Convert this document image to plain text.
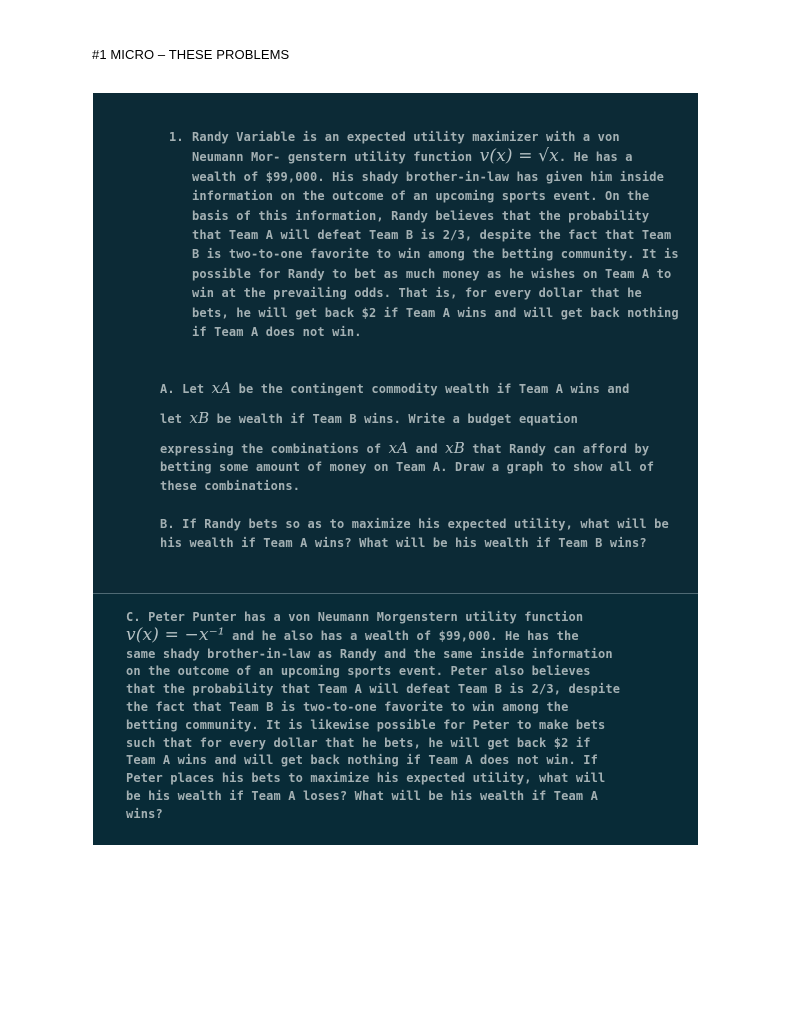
#1 MICRO – THESE PROBLEMS
1. Randy Variable is an expected utility maximizer with a von
Neumann Mor- genstern utility function v(x) = √x. He has a
wealth of $99,000. His shady brother-in-law has given him inside information on the outcome of an upcoming sports event. On the basis of this information, Randy believes that the probability that Team A will defeat Team B is 2/3, despite the fact that Team B is two-to-one favorite to win among the betting community. It is possible for Randy to bet as much money as he wishes on Team A to win at the prevailing odds. That is, for every dollar that he bets, he will get back $2 if Team A wins and will get back nothing if Team A does not win.
A. Let xA be the contingent commodity wealth if Team A wins and
let xB be wealth if Team B wins. Write a budget equation
expressing the combinations of xA and xB that Randy can afford by

betting some amount of money on Team A. Draw a graph to show all of these combinations.
B. If Randy bets so as to maximize his expected utility, what will be his wealth if Team A wins? What will be his wealth if Team B wins?
C. Peter Punter has a von Neumann Morgenstern utility function
v(x) = −x⁻¹ and he also has a wealth of $99,000. He has the
same shady brother-in-law as Randy and the same inside information on the outcome of an upcoming sports event. Peter also believes that the probability that Team A will defeat Team B is 2/3, despite the fact that Team B is two-to-one favorite to win among the betting community. It is likewise possible for Peter to make bets such that for every dollar that he bets, he will get back $2 if Team A wins and will get back nothing if Team A does not win. If Peter places his bets to maximize his expected utility, what will be his wealth if Team A loses? What will be his wealth if Team A wins?
